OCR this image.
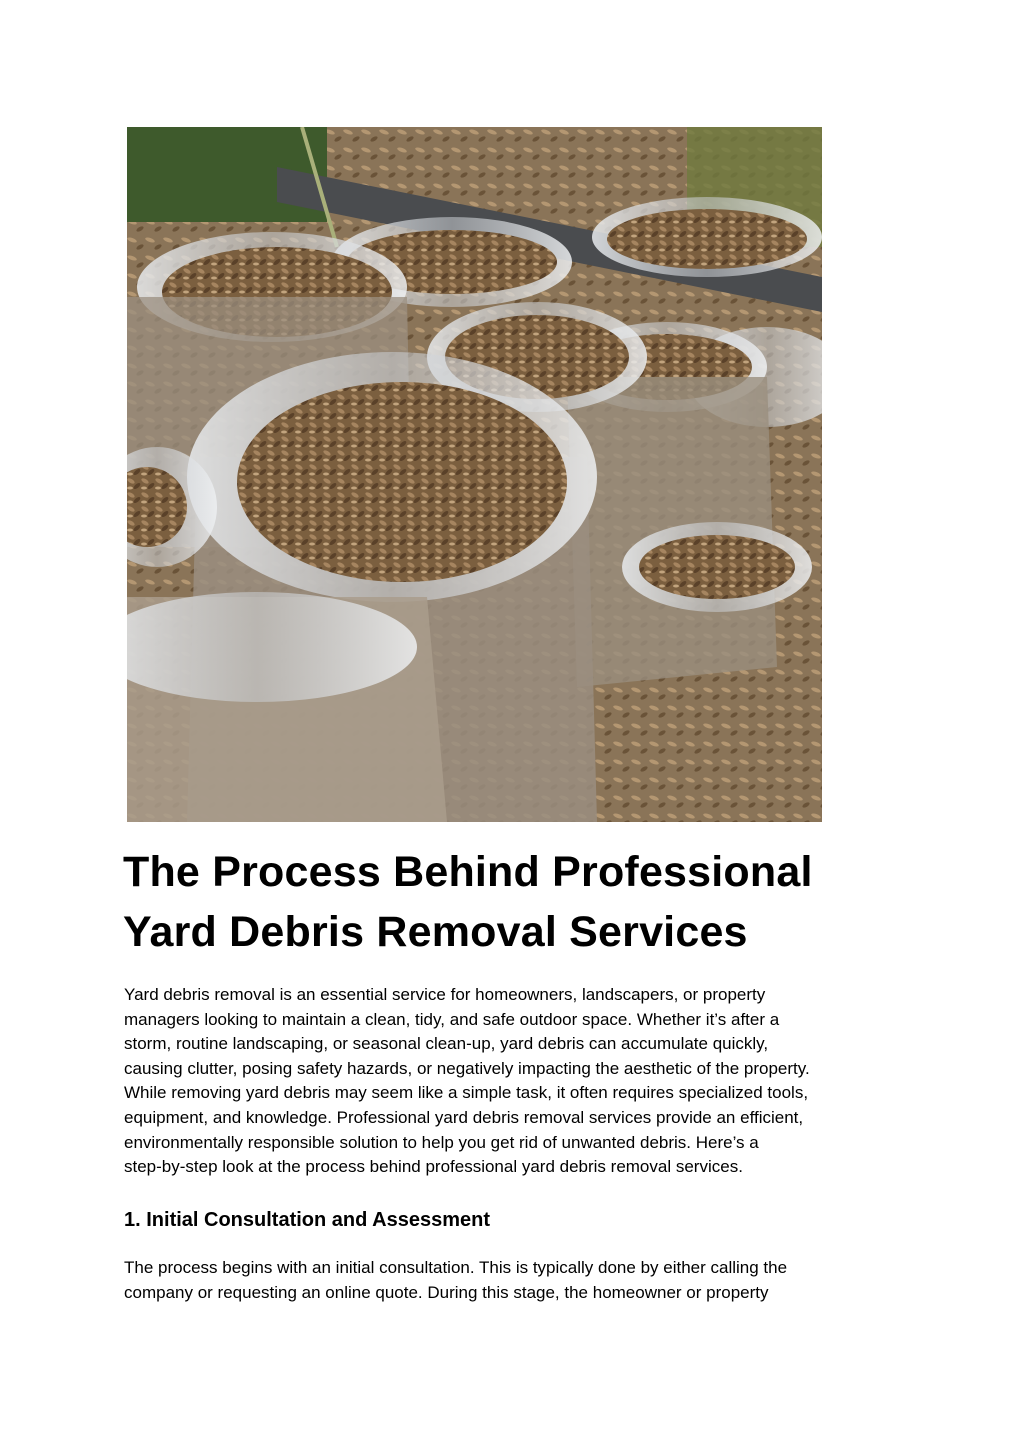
The Process Behind Professional
Yard Debris Removal Services

Yard debris removal is an essential service for homeowners, landscapers, or property
managers looking to maintain a clean, tidy, and safe outdoor space. Whether it’s after a
storm, routine landscaping, or seasonal clean-up, yard debris can accumulate quickly,
causing clutter, posing safety hazards, or negatively impacting the aesthetic of the property.
While removing yard debris may seem like a simple task, it often requires specialized tools,
equipment, and knowledge. Professional yard debris removal services provide an efficient,
environmentally responsible solution to help you get rid of unwanted debris. Here’s a
step-by-step look at the process behind professional yard debris removal services.

1. Initial Consultation and Assessment

The process begins with an initial consultation. This is typically done by either calling the
company or requesting an online quote. During this stage, the homeowner or property
